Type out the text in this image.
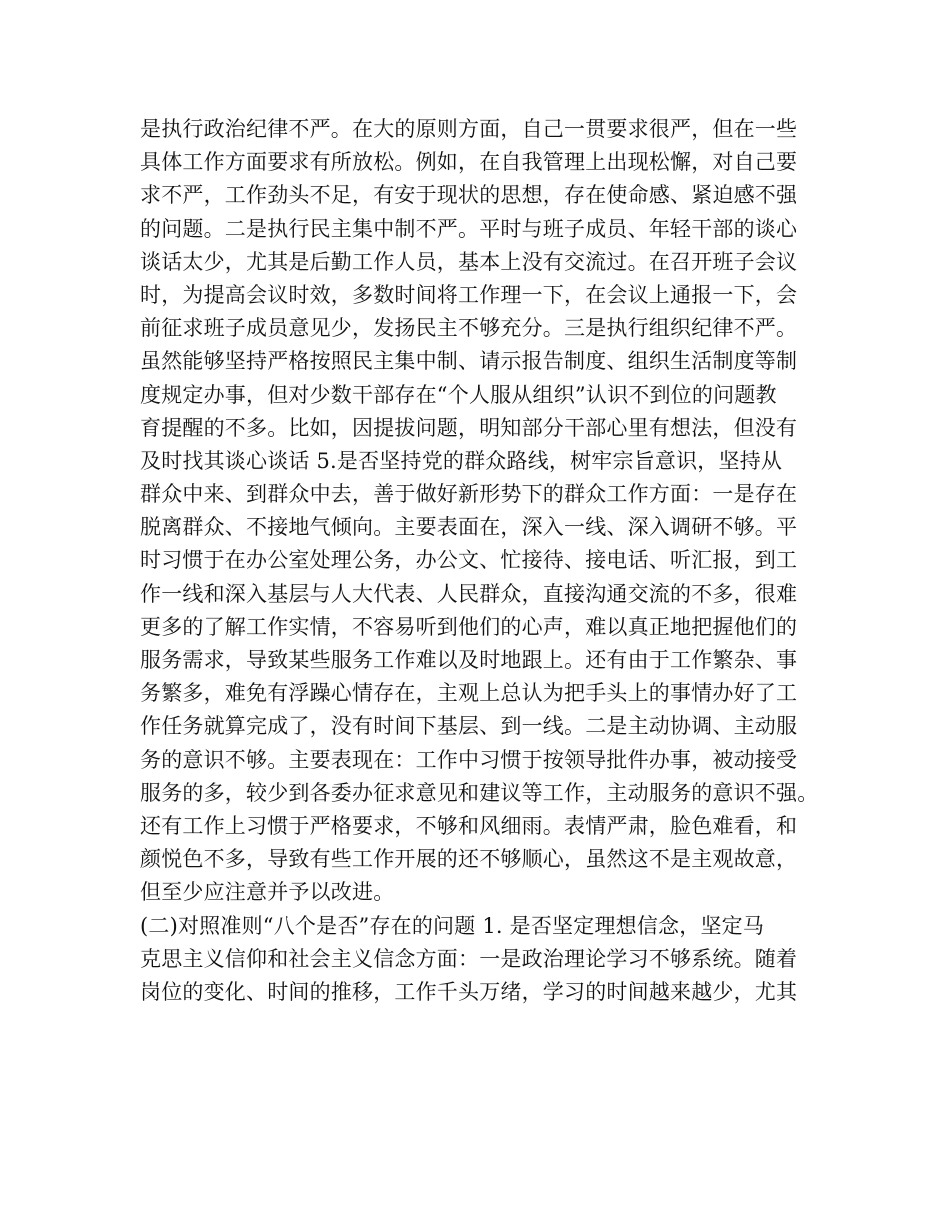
是执行政治纪律不严。在大的原则方面，自己一贯要求很严，但在一些
具体工作方面要求有所放松。例如，在自我管理上出现松懈，对自己要
求不严，工作劲头不足，有安于现状的思想，存在使命感、紧迫感不强
的问题。二是执行民主集中制不严。平时与班子成员、年轻干部的谈心
谈话太少，尤其是后勤工作人员，基本上没有交流过。在召开班子会议
时，为提高会议时效，多数时间将工作理一下，在会议上通报一下，会
前征求班子成员意见少，发扬民主不够充分。三是执行组织纪律不严。
虽然能够坚持严格按照民主集中制、请示报告制度、组织生活制度等制
度规定办事，但对少数干部存在“个人服从组织”认识不到位的问题教
育提醒的不多。比如，因提拔问题，明知部分干部心里有想法，但没有
及时找其谈心谈话 5.是否坚持党的群众路线，树牢宗旨意识，坚持从
群众中来、到群众中去，善于做好新形势下的群众工作方面：一是存在
脱离群众、不接地气倾向。主要表面在，深入一线、深入调研不够。平
时习惯于在办公室处理公务，办公文、忙接待、接电话、听汇报，到工
作一线和深入基层与人大代表、人民群众，直接沟通交流的不多，很难
更多的了解工作实情，不容易听到他们的心声，难以真正地把握他们的
服务需求，导致某些服务工作难以及时地跟上。还有由于工作繁杂、事
务繁多，难免有浮躁心情存在，主观上总认为把手头上的事情办好了工
作任务就算完成了，没有时间下基层、到一线。二是主动协调、主动服
务的意识不够。主要表现在：工作中习惯于按领导批件办事，被动接受
服务的多，较少到各委办征求意见和建议等工作，主动服务的意识不强。
还有工作上习惯于严格要求，不够和风细雨。表情严肃，脸色难看，和
颜悦色不多，导致有些工作开展的还不够顺心，虽然这不是主观故意，
但至少应注意并予以改进。
(二)对照准则“八个是否”存在的问题 1. 是否坚定理想信念，坚定马
克思主义信仰和社会主义信念方面：一是政治理论学习不够系统。随着
岗位的变化、时间的推移，工作千头万绪，学习的时间越来越少，尤其
